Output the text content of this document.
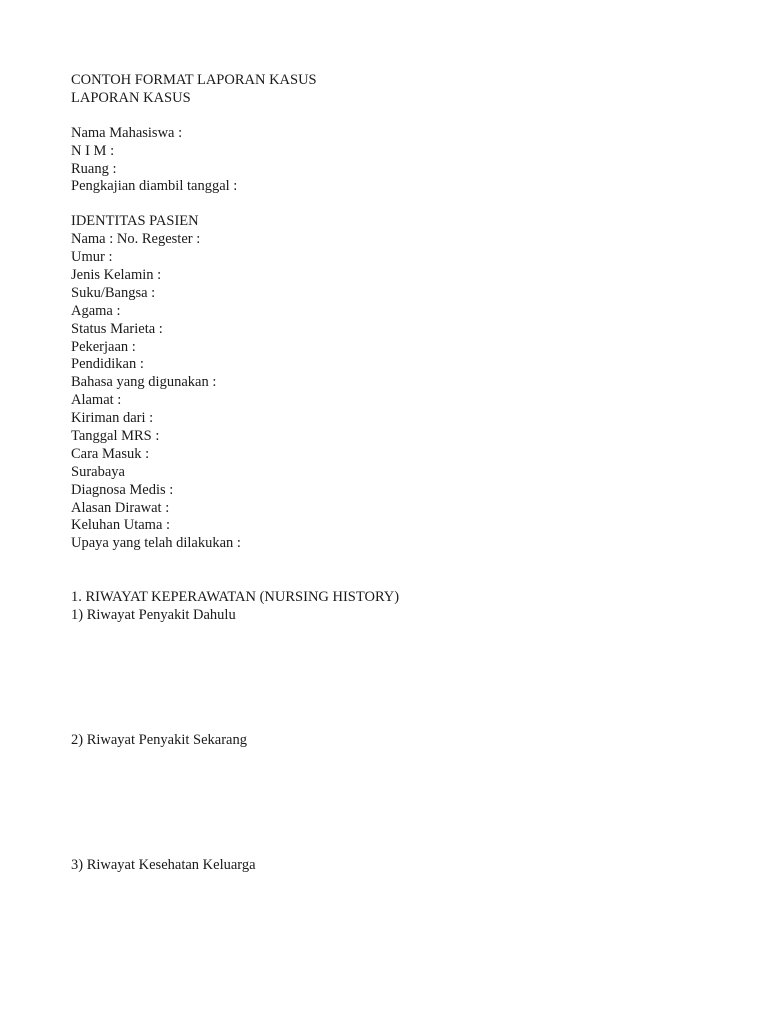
CONTOH FORMAT LAPORAN KASUS
LAPORAN KASUS
Nama Mahasiswa :
N I M :
Ruang :
Pengkajian diambil tanggal :
IDENTITAS PASIEN
Nama : No. Regester :
Umur :
Jenis Kelamin :
Suku/Bangsa :
Agama :
Status Marieta :
Pekerjaan :
Pendidikan :
Bahasa yang digunakan :
Alamat :
Kiriman dari :
Tanggal MRS :
Cara Masuk :
Surabaya
Diagnosa Medis :
Alasan Dirawat :
Keluhan Utama :
Upaya yang telah dilakukan :
1. RIWAYAT KEPERAWATAN (NURSING HISTORY)
1) Riwayat Penyakit Dahulu
2) Riwayat Penyakit Sekarang
3) Riwayat Kesehatan Keluarga
